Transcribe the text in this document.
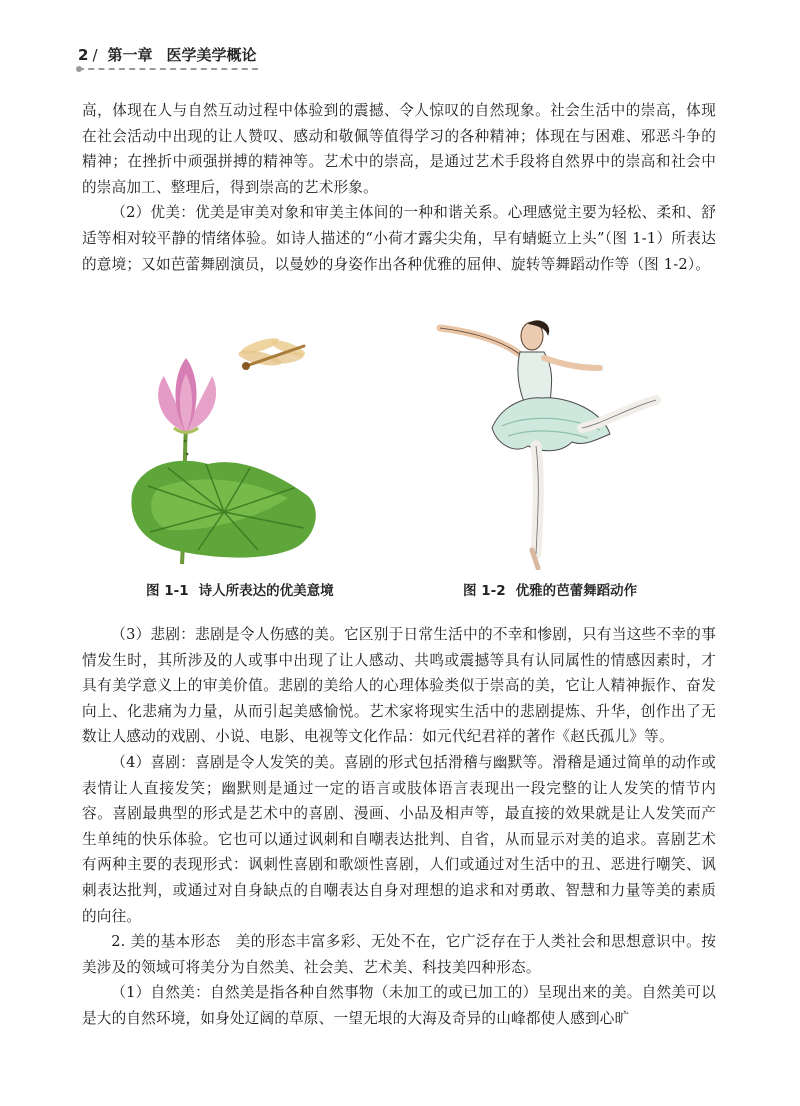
2 / 第一章 医学美学概论

高，体现在人与自然互动过程中体验到的震撼、令人惊叹的自然现象。社会生活中的崇高，体现在社会活动中出现的让人赞叹、感动和敬佩等值得学习的各种精神；体现在与困难、邪恶斗争的精神；在挫折中顽强拼搏的精神等。艺术中的崇高，是通过艺术手段将自然界中的崇高和社会中的崇高加工、整理后，得到崇高的艺术形象。

（2）优美：优美是审美对象和审美主体间的一种和谐关系。心理感觉主要为轻松、柔和、舒适等相对较平静的情绪体验。如诗人描述的“小荷才露尖尖角，早有蜻蜓立上头”（图 1-1）所表达的意境；又如芭蕾舞剧演员，以曼妙的身姿作出各种优雅的屈伸、旋转等舞蹈动作等（图 1-2）。

图 1-1 诗人所表达的优美意境	图 1-2 优雅的芭蕾舞蹈动作

（3）悲剧：悲剧是令人伤感的美。它区别于日常生活中的不幸和惨剧，只有当这些不幸的事情发生时，其所涉及的人或事中出现了让人感动、共鸣或震撼等具有认同属性的情感因素时，才具有美学意义上的审美价值。悲剧的美给人的心理体验类似于崇高的美，它让人精神振作、奋发向上、化悲痛为力量，从而引起美感愉悦。艺术家将现实生活中的悲剧提炼、升华，创作出了无数让人感动的戏剧、小说、电影、电视等文化作品：如元代纪君祥的著作《赵氏孤儿》等。

（4）喜剧：喜剧是令人发笑的美。喜剧的形式包括滑稽与幽默等。滑稽是通过简单的动作或表情让人直接发笑；幽默则是通过一定的语言或肢体语言表现出一段完整的让人发笑的情节内容。喜剧最典型的形式是艺术中的喜剧、漫画、小品及相声等，最直接的效果就是让人发笑而产生单纯的快乐体验。它也可以通过讽刺和自嘲表达批判、自省，从而显示对美的追求。喜剧艺术有两种主要的表现形式：讽刺性喜剧和歌颂性喜剧，人们或通过对生活中的丑、恶进行嘲笑、讽刺表达批判，或通过对自身缺点的自嘲表达自身对理想的追求和对勇敢、智慧和力量等美的素质的向往。

2. 美的基本形态　美的形态丰富多彩、无处不在，它广泛存在于人类社会和思想意识中。按美涉及的领域可将美分为自然美、社会美、艺术美、科技美四种形态。

（1）自然美：自然美是指各种自然事物（未加工的或已加工的）呈现出来的美。自然美可以是大的自然环境，如身处辽阔的草原、一望无垠的大海及奇异的山峰都使人感到心旷
